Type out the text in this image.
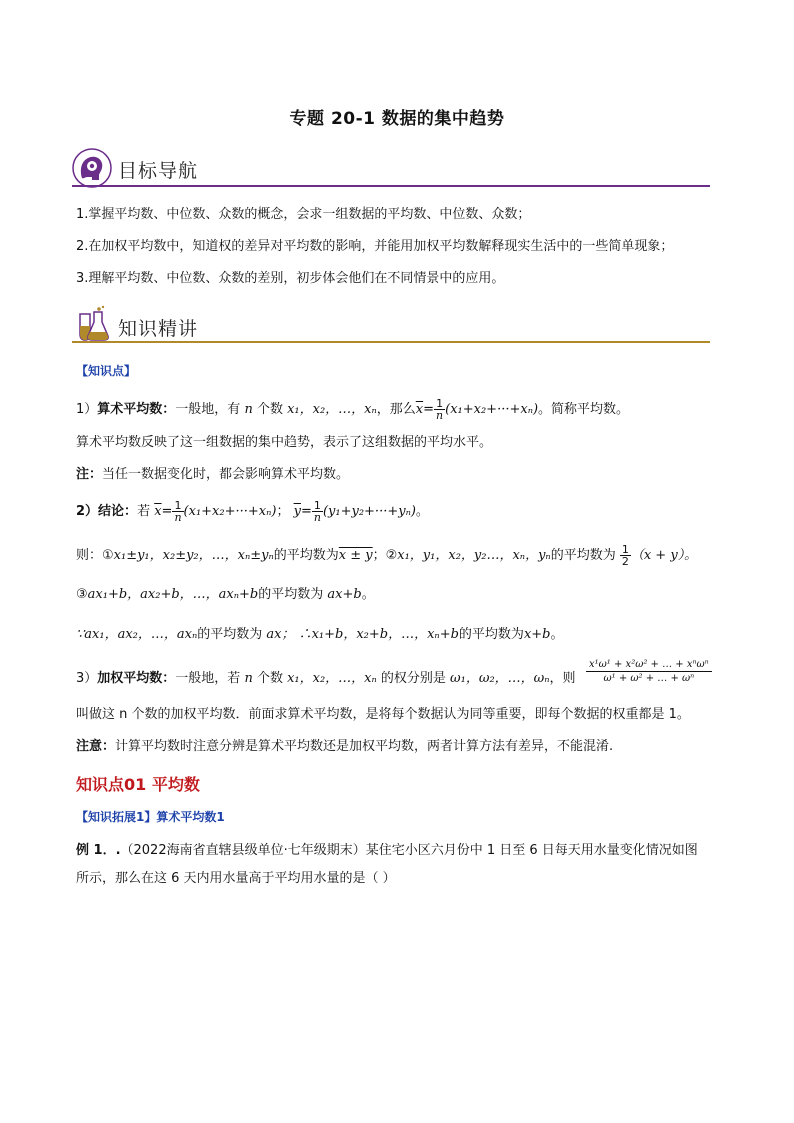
专题 20-1 数据的集中趋势
目标导航
1.掌握平均数、中位数、众数的概念，会求一组数据的平均数、中位数、众数；
2.在加权平均数中，知道权的差异对平均数的影响，并能用加权平均数解释现实生活中的一些简单现象；
3.理解平均数、中位数、众数的差别，初步体会他们在不同情景中的应用。
知识精讲
【知识点】
1）算术平均数：一般地，有 n 个数 x₁，x₂，…，xₙ，那么$\overline{x}= \frac{1}{n} (x_1+x_2+\cdot\cdot\cdot+x_n)$。简称平均数。
算术平均数反映了这一组数据的集中趋势，表示了这组数据的平均水平。
注：当任一数据变化时，都会影响算术平均数。
2）结论：若 $\overline{x}= \frac{1}{n} (x_1+x_2+\cdot\cdot\cdot+x_n)$； $\overline{y}= \frac{1}{n} (y_1+y_2+\cdot\cdot\cdot+y_n)$。
则：①x₁±y₁，x₂±y₂，…，xₙ±yₙ的平均数为x ± y；②x₁，y₁，x₂，y₂…，xₙ，yₙ的平均数为 $\frac{1}{2} (x + y)$。
③ax₁+b，ax₂+b，…，axₙ+b的平均数为 ax+b。
∵ax₁，ax₂，…，axₙ的平均数为 ax； ∴x₁+b，x₂+b，…，xₙ+b的平均数为x+b。
3）加权平均数：一般地，若 n 个数 x₁，x₂，…，xₙ 的权分别是 ω₁，ω₂，…，ωₙ，则 $\frac{\text{x¹ω¹ + x²ω² + … + xⁿωⁿ}}{\text{ω¹ + ω² + … + ωⁿ}}$
叫做这 n 个数的加权平均数．前面求算术平均数，是将每个数据认为同等重要，即每个数据的权重都是 1。
注意：计算平均数时注意分辨是算术平均数还是加权平均数，两者计算方法有差异，不能混淆.
知识点01 平均数
【知识拓展1】算术平均数1
例 1．.（2022海南省直辖县级单位·七年级期末）某住宅小区六月份中 1 日至 6 日每天用水量变化情况如图
所示，那么在这 6 天内用水量高于平均用水量的是（ ）
